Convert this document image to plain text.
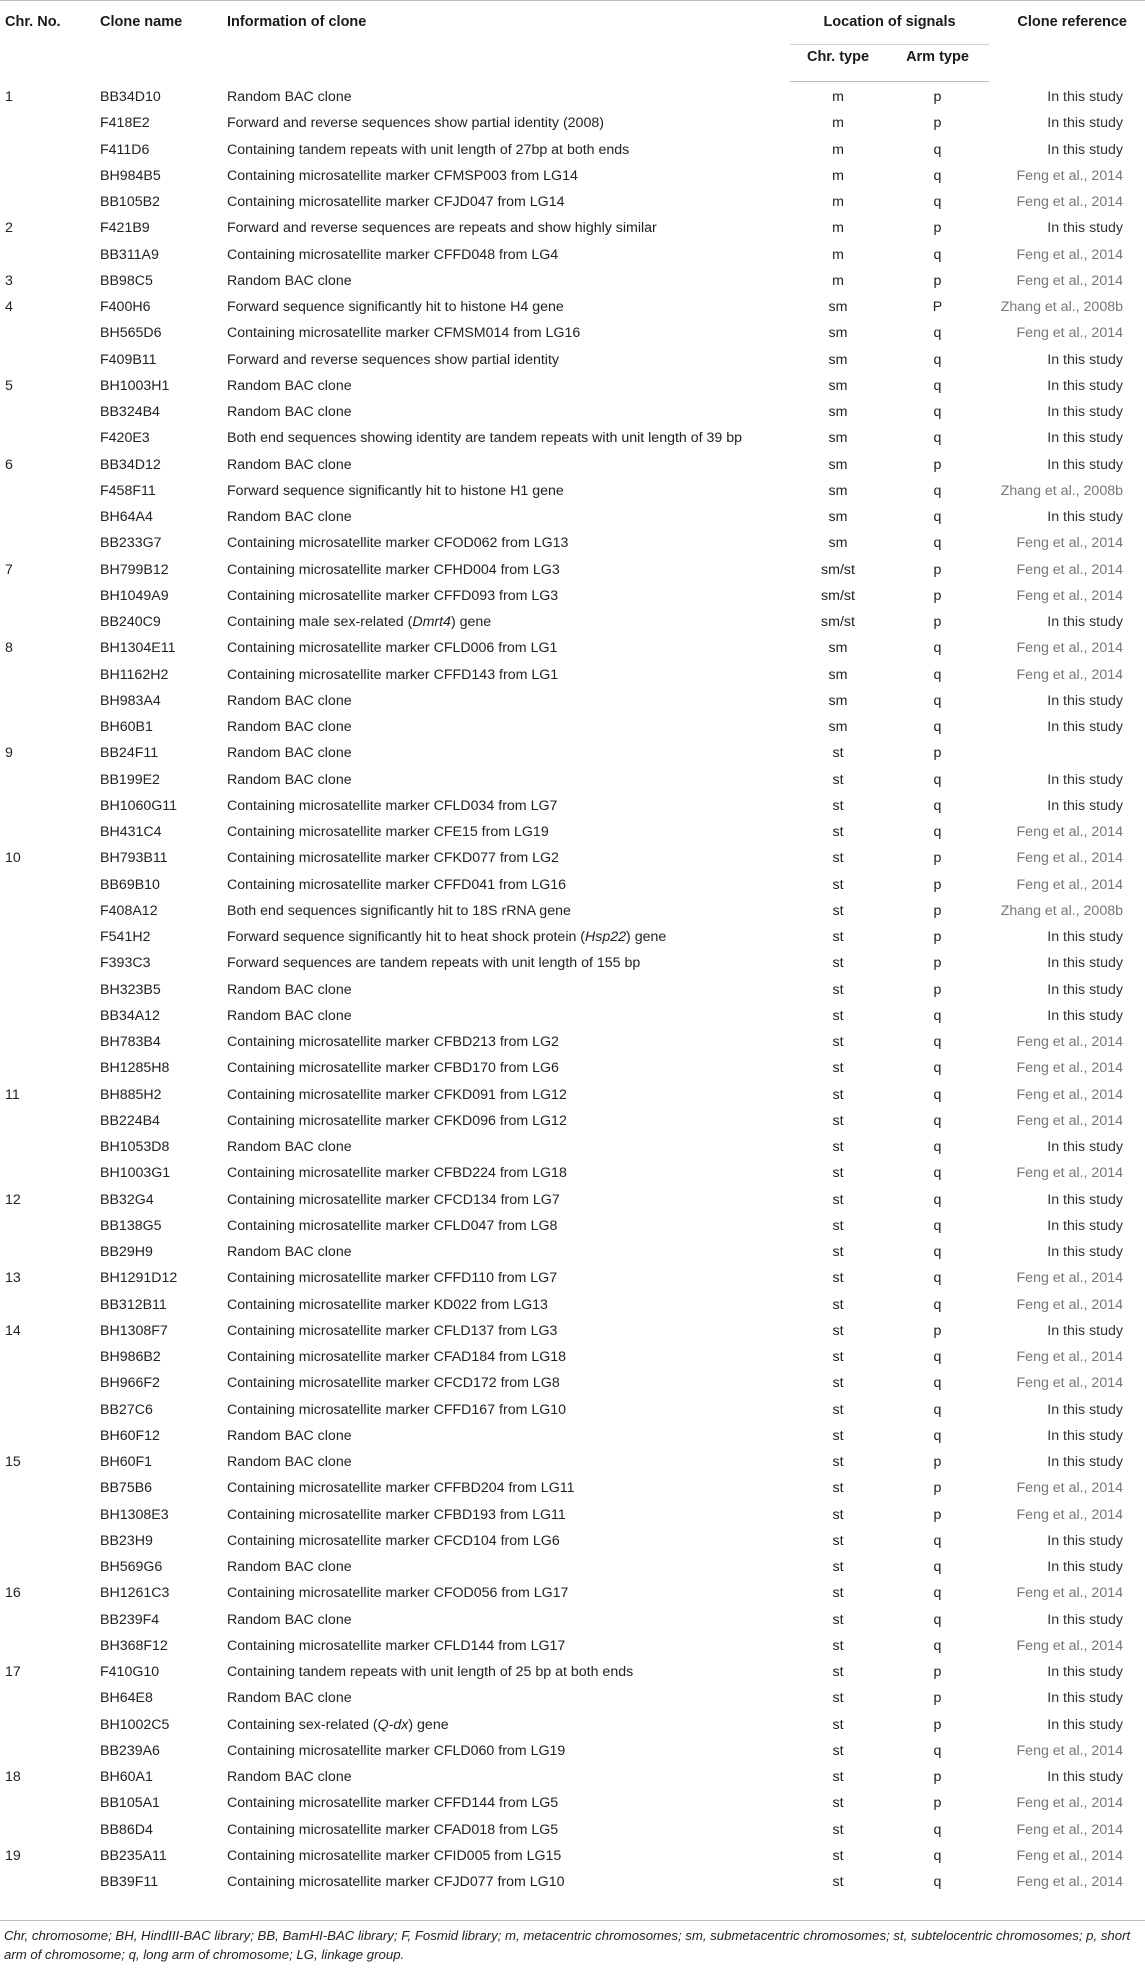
Chr. No.	Clone name	Information of clone	Location of signals		Clone reference

			Chr. type	Arm type	

1	BB34D10	Random BAC clone	m	p	In this study
	F418E2	Forward and reverse sequences show partial identity (2008)	m	p	In this study
	F411D6	Containing tandem repeats with unit length of 27bp at both ends	m	q	In this study
	BH984B5	Containing microsatellite marker CFMSP003 from LG14	m	q	Feng et al., 2014
	BB105B2	Containing microsatellite marker CFJD047 from LG14	m	q	Feng et al., 2014
2	F421B9	Forward and reverse sequences are repeats and show highly similar	m	p	In this study
	BB311A9	Containing microsatellite marker CFFD048 from LG4	m	q	Feng et al., 2014
3	BB98C5	Random BAC clone	m	p	Feng et al., 2014
4	F400H6	Forward sequence significantly hit to histone H4 gene	sm	P	Zhang et al., 2008b
	BH565D6	Containing microsatellite marker CFMSM014 from LG16	sm	q	Feng et al., 2014
	F409B11	Forward and reverse sequences show partial identity	sm	q	In this study
5	BH1003H1	Random BAC clone	sm	q	In this study
	BB324B4	Random BAC clone	sm	q	In this study
	F420E3	Both end sequences showing identity are tandem repeats with unit length of 39 bp	sm	q	In this study
6	BB34D12	Random BAC clone	sm	p	In this study
	F458F11	Forward sequence significantly hit to histone H1 gene	sm	q	Zhang et al., 2008b
	BH64A4	Random BAC clone	sm	q	In this study
	BB233G7	Containing microsatellite marker CFOD062 from LG13	sm	q	Feng et al., 2014
7	BH799B12	Containing microsatellite marker CFHD004 from LG3	sm/st	p	Feng et al., 2014
	BH1049A9	Containing microsatellite marker CFFD093 from LG3	sm/st	p	Feng et al., 2014
	BB240C9	Containing male sex-related (Dmrt4) gene	sm/st	p	In this study
8	BH1304E11	Containing microsatellite marker CFLD006 from LG1	sm	q	Feng et al., 2014
	BH1162H2	Containing microsatellite marker CFFD143 from LG1	sm	q	Feng et al., 2014
	BH983A4	Random BAC clone	sm	q	In this study
	BH60B1	Random BAC clone	sm	q	In this study
9	BB24F11	Random BAC clone	st	p	
	BB199E2	Random BAC clone	st	q	In this study
	BH1060G11	Containing microsatellite marker CFLD034 from LG7	st	q	In this study
	BH431C4	Containing microsatellite marker CFE15 from LG19	st	q	Feng et al., 2014
10	BH793B11	Containing microsatellite marker CFKD077 from LG2	st	p	Feng et al., 2014
	BB69B10	Containing microsatellite marker CFFD041 from LG16	st	p	Feng et al., 2014
	F408A12	Both end sequences significantly hit to 18S rRNA gene	st	p	Zhang et al., 2008b
	F541H2	Forward sequence significantly hit to heat shock protein (Hsp22) gene	st	p	In this study
	F393C3	Forward sequences are tandem repeats with unit length of 155 bp	st	p	In this study
	BH323B5	Random BAC clone	st	p	In this study
	BB34A12	Random BAC clone	st	q	In this study
	BH783B4	Containing microsatellite marker CFBD213 from LG2	st	q	Feng et al., 2014
	BH1285H8	Containing microsatellite marker CFBD170 from LG6	st	q	Feng et al., 2014
11	BH885H2	Containing microsatellite marker CFKD091 from LG12	st	q	Feng et al., 2014
	BB224B4	Containing microsatellite marker CFKD096 from LG12	st	q	Feng et al., 2014
	BH1053D8	Random BAC clone	st	q	In this study
	BH1003G1	Containing microsatellite marker CFBD224 from LG18	st	q	Feng et al., 2014
12	BB32G4	Containing microsatellite marker CFCD134 from LG7	st	q	In this study
	BB138G5	Containing microsatellite marker CFLD047 from LG8	st	q	In this study
	BB29H9	Random BAC clone	st	q	In this study
13	BH1291D12	Containing microsatellite marker CFFD110 from LG7	st	q	Feng et al., 2014
	BB312B11	Containing microsatellite marker KD022 from LG13	st	q	Feng et al., 2014
14	BH1308F7	Containing microsatellite marker CFLD137 from LG3	st	p	In this study
	BH986B2	Containing microsatellite marker CFAD184 from LG18	st	q	Feng et al., 2014
	BH966F2	Containing microsatellite marker CFCD172 from LG8	st	q	Feng et al., 2014
	BB27C6	Containing microsatellite marker CFFD167 from LG10	st	q	In this study
	BH60F12	Random BAC clone	st	q	In this study
15	BH60F1	Random BAC clone	st	p	In this study
	BB75B6	Containing microsatellite marker CFFBD204 from LG11	st	p	Feng et al., 2014
	BH1308E3	Containing microsatellite marker CFBD193 from LG11	st	p	Feng et al., 2014
	BB23H9	Containing microsatellite marker CFCD104 from LG6	st	q	In this study
	BH569G6	Random BAC clone	st	q	In this study
16	BH1261C3	Containing microsatellite marker CFOD056 from LG17	st	q	Feng et al., 2014
	BB239F4	Random BAC clone	st	q	In this study
	BH368F12	Containing microsatellite marker CFLD144 from LG17	st	q	Feng et al., 2014
17	F410G10	Containing tandem repeats with unit length of 25 bp at both ends	st	p	In this study
	BH64E8	Random BAC clone	st	p	In this study
	BH1002C5	Containing sex-related (Q-dx) gene	st	p	In this study
	BB239A6	Containing microsatellite marker CFLD060 from LG19	st	q	Feng et al., 2014
18	BH60A1	Random BAC clone	st	p	In this study
	BB105A1	Containing microsatellite marker CFFD144 from LG5	st	p	Feng et al., 2014
	BB86D4	Containing microsatellite marker CFAD018 from LG5	st	q	Feng et al., 2014
19	BB235A11	Containing microsatellite marker CFID005 from LG15	st	q	Feng et al., 2014
	BB39F11	Containing microsatellite marker CFJD077 from LG10	st	q	Feng et al., 2014
Chr, chromosome; BH, HindIII-BAC library; BB, BamHI-BAC library; F, Fosmid library; m, metacentric chromosomes; sm, submetacentric chromosomes; st, subtelocentric chromosomes; p, short arm of chromosome; q, long arm of chromosome; LG, linkage group.
